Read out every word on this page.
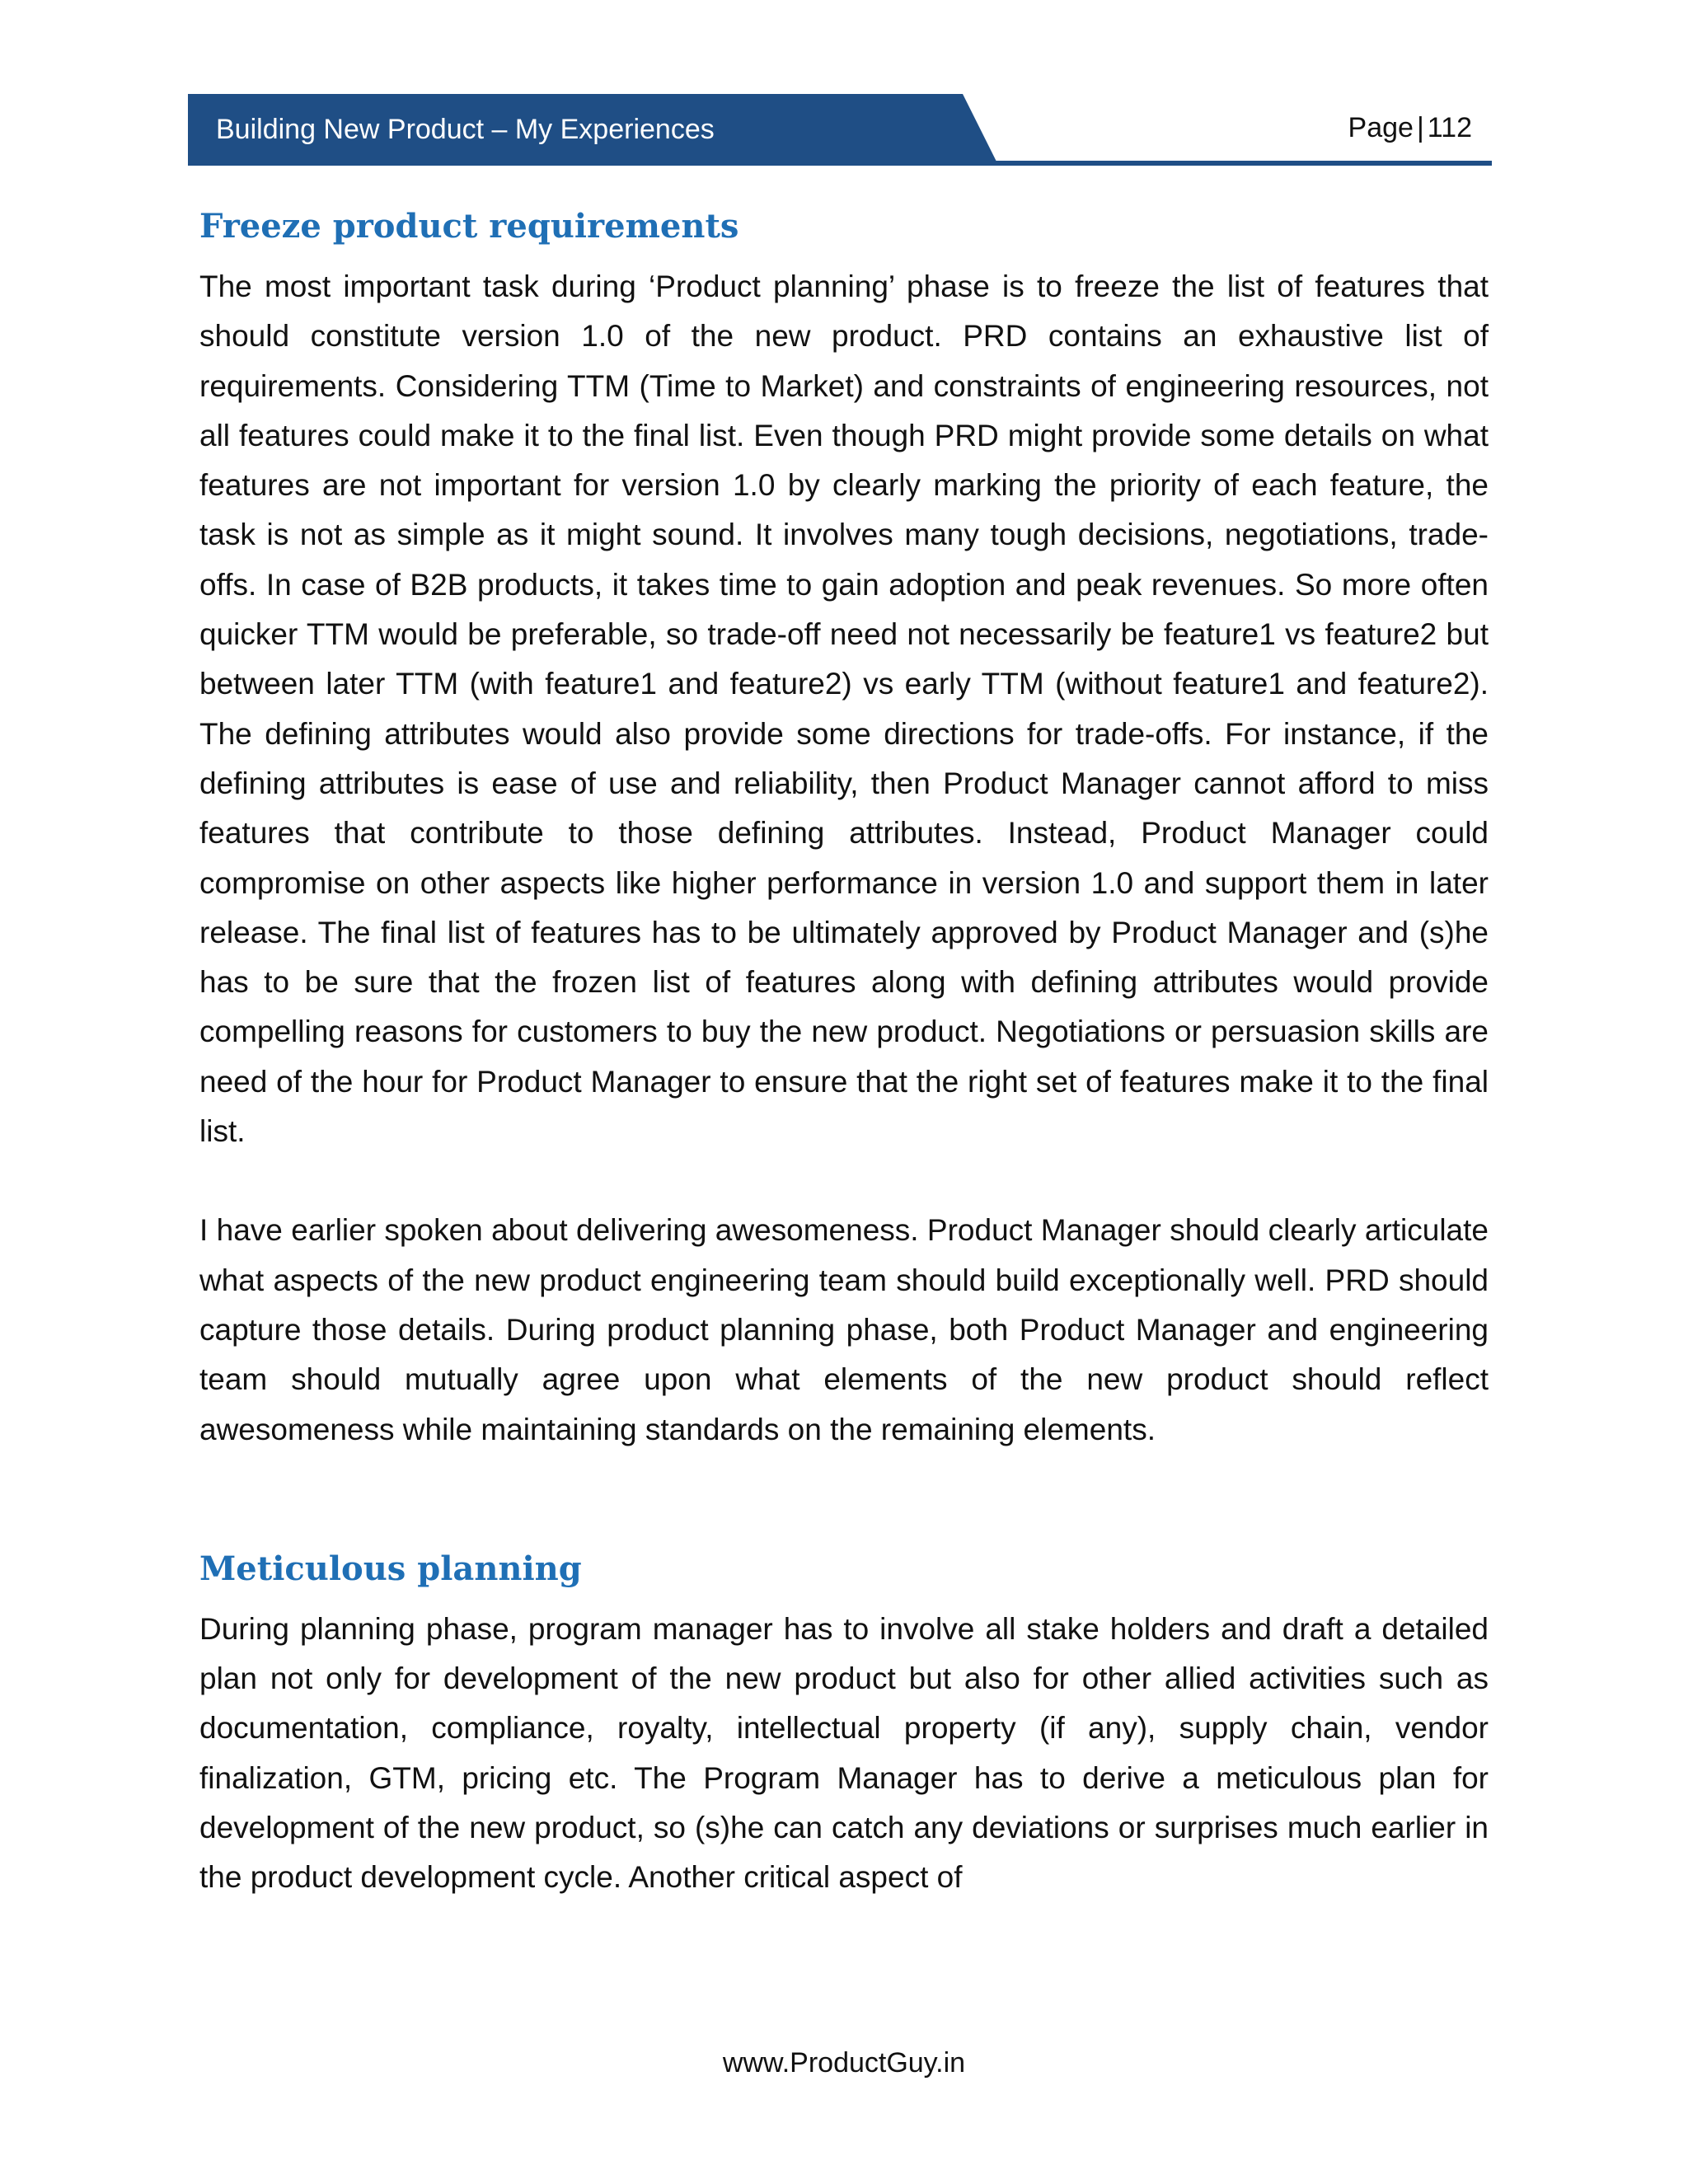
Building New Product – My Experiences	Page | 112
Freeze product requirements

The most important task during ‘Product planning’ phase is to freeze the list of features that should constitute version 1.0 of the new product. PRD contains an exhaustive list of requirements. Considering TTM (Time to Market) and constraints of engineering resources, not all features could make it to the final list. Even though PRD might provide some details on what features are not important for version 1.0 by clearly marking the priority of each feature, the task is not as simple as it might sound. It involves many tough decisions, negotiations, trade-offs. In case of B2B products, it takes time to gain adoption and peak revenues. So more often quicker TTM would be preferable, so trade-off need not necessarily be feature1 vs feature2 but between later TTM (with feature1 and feature2) vs early TTM (without feature1 and feature2). The defining attributes would also provide some directions for trade-offs. For instance, if the defining attributes is ease of use and reliability, then Product Manager cannot afford to miss features that contribute to those defining attributes. Instead, Product Manager could compromise on other aspects like higher performance in version 1.0 and support them in later release. The final list of features has to be ultimately approved by Product Manager and (s)he has to be sure that the frozen list of features along with defining attributes would provide compelling reasons for customers to buy the new product. Negotiations or persuasion skills are need of the hour for Product Manager to ensure that the right set of features make it to the final list.

I have earlier spoken about delivering awesomeness. Product Manager should clearly articulate what aspects of the new product engineering team should build exceptionally well. PRD should capture those details. During product planning phase, both Product Manager and engineering team should mutually agree upon what elements of the new product should reflect awesomeness while maintaining standards on the remaining elements.

Meticulous planning

During planning phase, program manager has to involve all stake holders and draft a detailed plan not only for development of the new product but also for other allied activities such as documentation, compliance, royalty, intellectual property (if any), supply chain, vendor finalization, GTM, pricing etc. The Program Manager has to derive a meticulous plan for development of the new product, so (s)he can catch any deviations or surprises much earlier in the product development cycle. Another critical aspect of

www.ProductGuy.in
